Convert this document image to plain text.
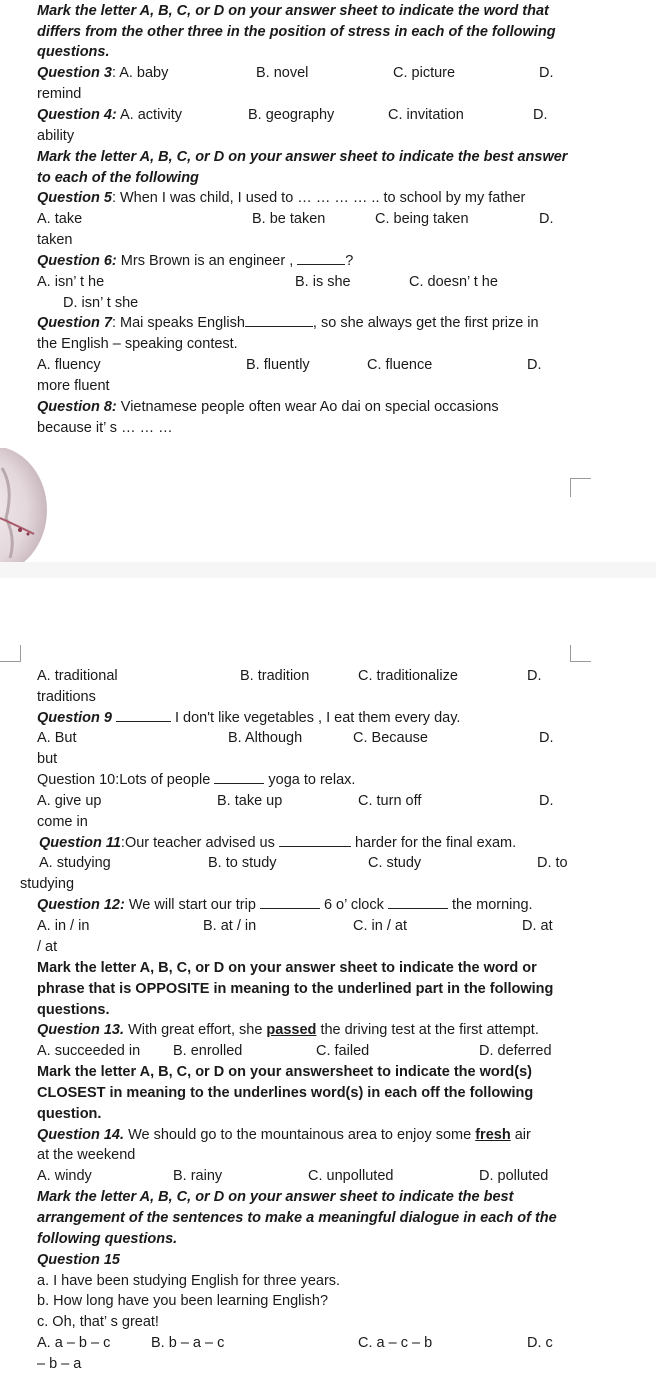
Mark the letter A, B, C, or D on your answer sheet to indicate the word that
differs from the other three in the position of stress in each of the following
questions.
Question 3: A. baby	B. novel	C. picture	D.
remind
Question 4: A. activity	B. geography	C. invitation	D.
ability
Mark the letter A, B, C, or D on your answer sheet to indicate the best answer
to each of the following
Question 5: When I was child, I used to … … … … .. to school by my father
A. take	B. be taken	C. being taken	D.
taken
Question 6: Mrs Brown is an engineer ,	?
A. isn’ t he	B. is she	C. doesn’ t he
D. isn’ t she
Question 7: Mai speaks English	, so she always get the first prize in
the English – speaking contest.
A. fluency	B. fluently	C. fluence	D.
more fluent
Question 8: Vietnamese people often wear Ao dai on special occasions
because it’ s … … …
A. traditional	B. tradition	C. traditionalize	D.
traditions
Question 9	I don't like vegetables , I eat them every day.
A. But	B. Although	C. Because	D.
but
Question 10:Lots of people	yoga to relax.
A. give up	B. take up	C. turn off	D.
come in
Question 11:Our teacher advised us	harder for the final exam.
A. studying	B. to study	C. study	D. to
studying
Question 12: We will start our trip	6 o’ clock	the morning.
A. in / in	B. at / in	C. in / at	D. at
/ at
Mark the letter A, B, C, or D on your answer sheet to indicate the word or
phrase that is OPPOSITE in meaning to the underlined part in the following
questions.
Question 13. With great effort, she passed the driving test at the first attempt.
A. succeeded in B. enrolled	C. failed	D. deferred
Mark the letter A, B, C, or D on your answersheet to indicate the word(s)
CLOSEST in meaning to the underlines word(s) in each off the following
question.
Question 14. We should go to the mountainous area to enjoy some fresh air
at the weekend
A. windy	B. rainy	C. unpolluted	D. polluted
Mark the letter A, B, C, or D on your answer sheet to indicate the best
arrangement of the sentences to make a meaningful dialogue in each of the
following questions.
Question 15
a. I have been studying English for three years.
b. How long have you been learning English?
c. Oh, that’ s great!
A. a – b – c	B. b – a – c	C. a – c – b	D. c
– b – a
